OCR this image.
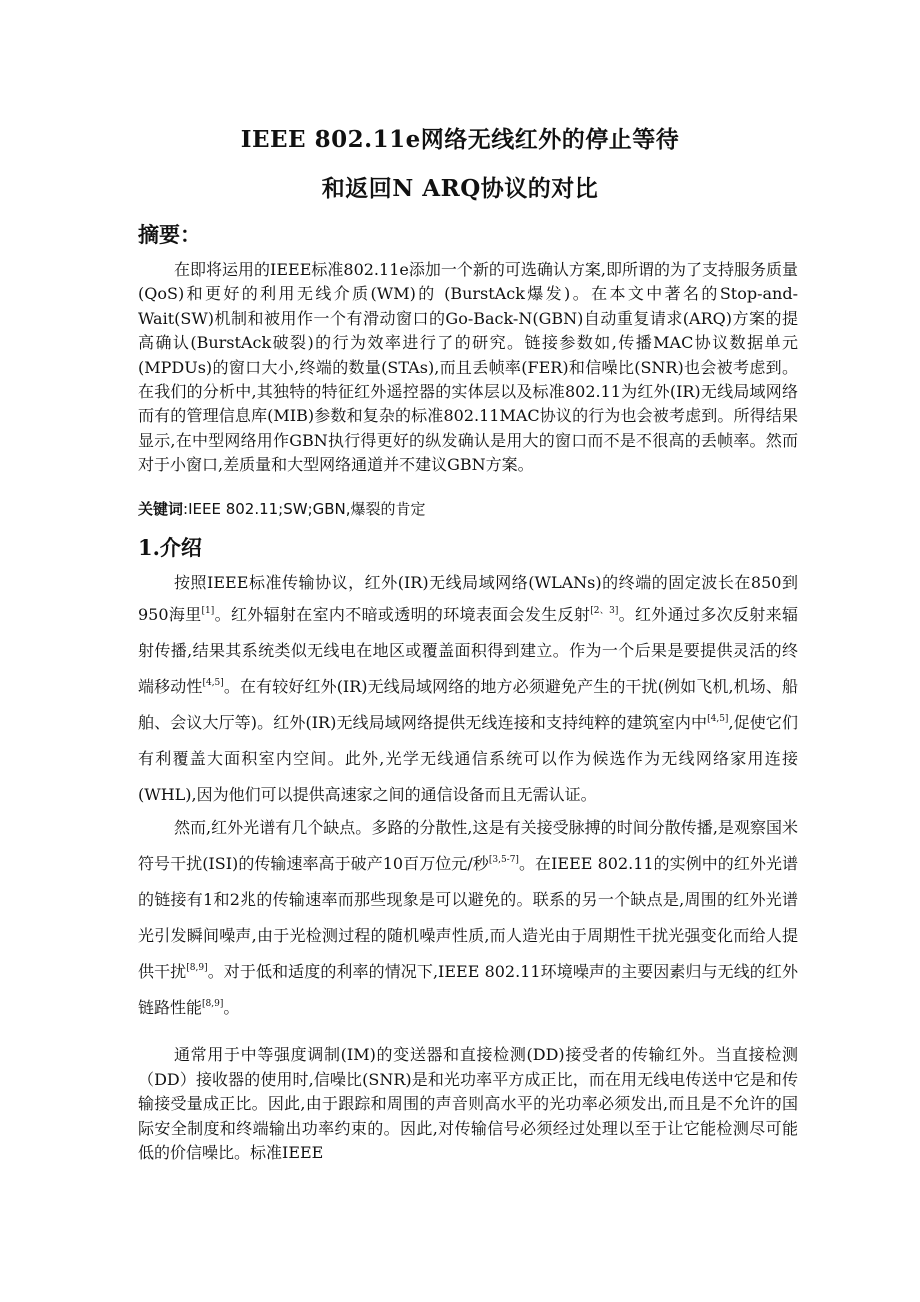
IEEE 802.11e网络无线红外的停止等待
和返回N ARQ协议的对比
摘要：

在即将运用的IEEE标准802.11e添加一个新的可选确认方案,即所谓的为了支持服务质量(QoS)和更好的利用无线介质(WM)的 (BurstAck爆发)。在本文中著名的Stop-and-Wait(SW)机制和被用作一个有滑动窗口的Go-Back-N(GBN)自动重复请求(ARQ)方案的提高确认(BurstAck破裂)的行为效率进行了的研究。链接参数如,传播MAC协议数据单元(MPDUs)的窗口大小,终端的数量(STAs),而且丢帧率(FER)和信噪比(SNR)也会被考虑到。在我们的分析中,其独特的特征红外遥控器的实体层以及标准802.11为红外(IR)无线局域网络而有的管理信息库(MIB)参数和复杂的标准802.11MAC协议的行为也会被考虑到。所得结果显示,在中型网络用作GBN执行得更好的纵发确认是用大的窗口而不是不很高的丢帧率。然而对于小窗口,差质量和大型网络通道并不建议GBN方案。

关键词:IEEE 802.11;SW;GBN,爆裂的肯定

1.介绍

按照IEEE标准传输协议，红外(IR)无线局域网络(WLANs)的终端的固定波长在850到950海里[1]。红外辐射在室内不暗或透明的环境表面会发生反射[2、3]。红外通过多次反射来辐射传播,结果其系统类似无线电在地区或覆盖面积得到建立。作为一个后果是要提供灵活的终端移动性[4,5]。在有较好红外(IR)无线局域网络的地方必须避免产生的干扰(例如飞机,机场、船舶、会议大厅等)。红外(IR)无线局域网络提供无线连接和支持纯粹的建筑室内中[4,5],促使它们有利覆盖大面积室内空间。此外,光学无线通信系统可以作为候选作为无线网络家用连接(WHL),因为他们可以提供高速家之间的通信设备而且无需认证。

然而,红外光谱有几个缺点。多路的分散性,这是有关接受脉搏的时间分散传播,是观察国米符号干扰(ISI)的传输速率高于破产10百万位元/秒[3,5-7]。在IEEE 802.11的实例中的红外光谱的链接有1和2兆的传输速率而那些现象是可以避免的。联系的另一个缺点是,周围的红外光谱光引发瞬间噪声,由于光检测过程的随机噪声性质,而人造光由于周期性干扰光强变化而给人提供干扰[8,9]。对于低和适度的利率的情况下,IEEE 802.11环境噪声的主要因素归与无线的红外链路性能[8,9]。

通常用于中等强度调制(IM)的变送器和直接检测(DD)接受者的传输红外。当直接检测（DD）接收器的使用时,信噪比(SNR)是和光功率平方成正比，而在用无线电传送中它是和传输接受量成正比。因此,由于跟踪和周围的声音则高水平的光功率必须发出,而且是不允许的国际安全制度和终端输出功率约束的。因此,对传输信号必须经过处理以至于让它能检测尽可能低的价信噪比。标准IEEE
